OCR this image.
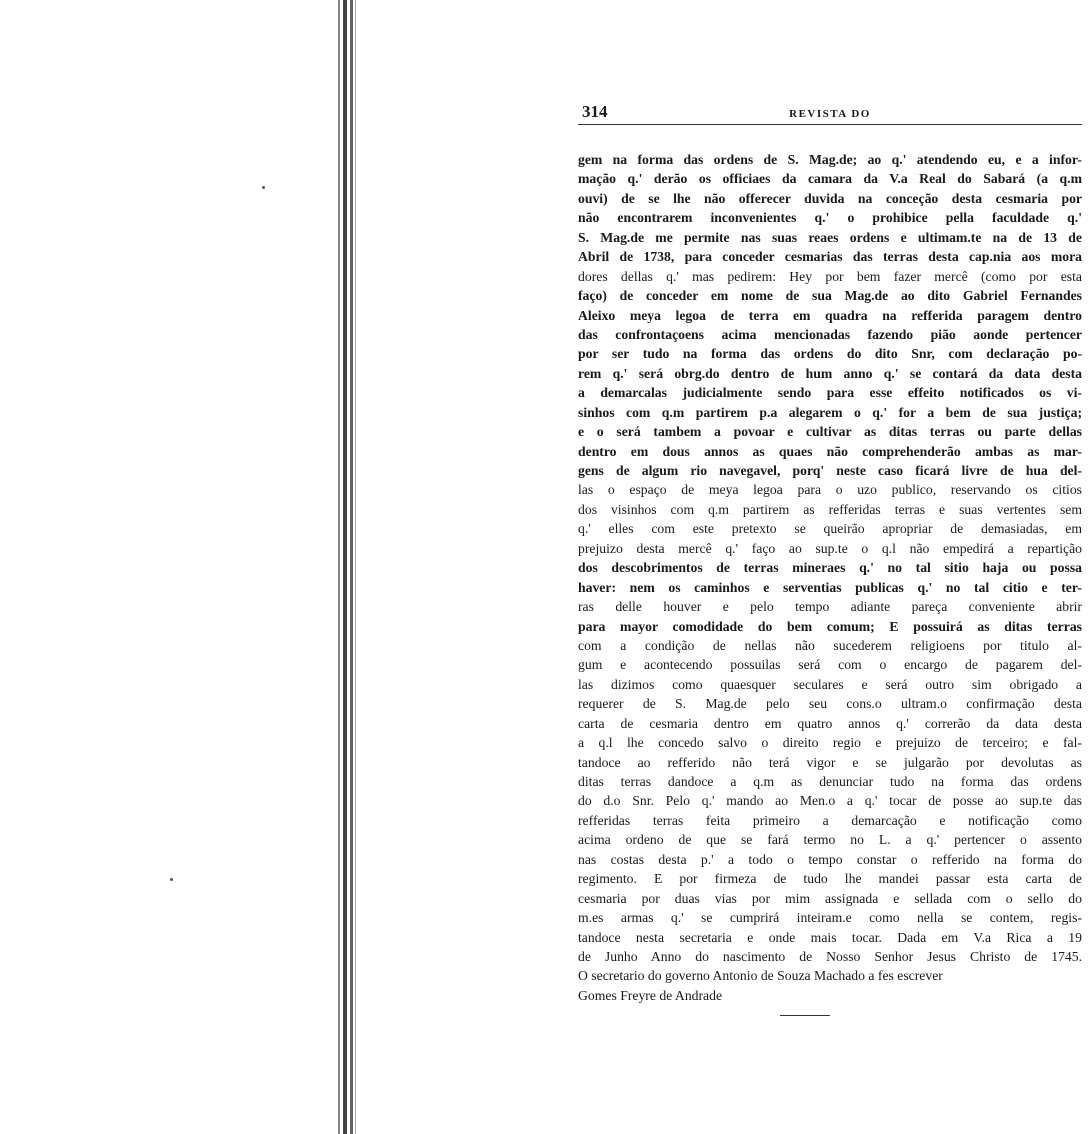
314	REVISTA DO
gem na forma das ordens de S. Mag.de; ao q.' atendendo eu, e a infor-
mação q.' derão os officiaes da camara da V.a Real do Sabará (a q.m
ouvi) de se lhe não offerecer duvida na conceção desta cesmaria por
não encontrarem inconvenientes q.' o prohibice pella faculdade q.'
S. Mag.de me permite nas suas reaes ordens e ultimam.te na de 13 de
Abril de 1738, para conceder cesmarias das terras desta cap.nia aos mora
dores dellas q.' mas pedirem: Hey por bem fazer mercê (como por esta
faço) de conceder em nome de sua Mag.de ao dito Gabriel Fernandes
Aleixo meya legoa de terra em quadra na refferida paragem dentro
das confrontaçoens acima mencionadas fazendo pião aonde pertencer
por ser tudo na forma das ordens do dito Snr, com declaração po-
rem q.' será obrg.do dentro de hum anno q.' se contará da data desta
a demarcalas judicialmente sendo para esse effeito notificados os vi-
sinhos com q.m partirem p.a alegarem o q.' for a bem de sua justiça;
e o será tambem a povoar e cultivar as ditas terras ou parte dellas
dentro em dous annos as quaes não comprehenderão ambas as mar-
gens de algum rio navegavel, porq' neste caso ficará livre de hua del-
las o espaço de meya legoa para o uzo publico, reservando os citios
dos visinhos com q.m partirem as refferidas terras e suas vertentes sem
q.' elles com este pretexto se queirão apropriar de demasiadas, em
prejuizo desta mercê q.' faço ao sup.te o q.l não empedirá a repartição
dos descobrimentos de terras mineraes q.' no tal sitio haja ou possa
haver: nem os caminhos e serventias publicas q.' no tal citio e ter-
ras delle houver e pelo tempo adiante pareça conveniente abrir
para mayor comodidade do bem comum; E possuirá as ditas terras
com a condição de nellas não sucederem religioens por titulo al-
gum e acontecendo possuilas será com o encargo de pagarem del-
las dizimos como quaesquer seculares e será outro sim obrigado a
requerer de S. Mag.de pelo seu cons.o ultram.o confirmação desta
carta de cesmaria dentro em quatro annos q.' correrão da data desta
a q.l lhe concedo salvo o direito regio e prejuizo de terceiro; e fal-
tandoce ao refferido não terá vigor e se julgarão por devolutas as
ditas terras dandoce a q.m as denunciar tudo na forma das ordens
do d.o Snr. Pelo q.' mando ao Men.o a q.' tocar de posse ao sup.te das
refferidas terras feita primeiro a demarcação e notificação como
acima ordeno de que se fará termo no L. a q.' pertencer o assento
nas costas desta p.' a todo o tempo constar o refferido na forma do
regimento. E por firmeza de tudo lhe mandei passar esta carta de
cesmaria por duas vias por mim assignada e sellada com o sello do
m.es armas q.' se cumprirá inteiram.e como nella se contem, regis-
tandoce nesta secretaria e onde mais tocar. Dada em V.a Rica a 19
de Junho Anno do nascimento de Nosso Senhor Jesus Christo de 1745.
O secretario do governo Antonio de Souza Machado a fes escrever
Gomes Freyre de Andrade
